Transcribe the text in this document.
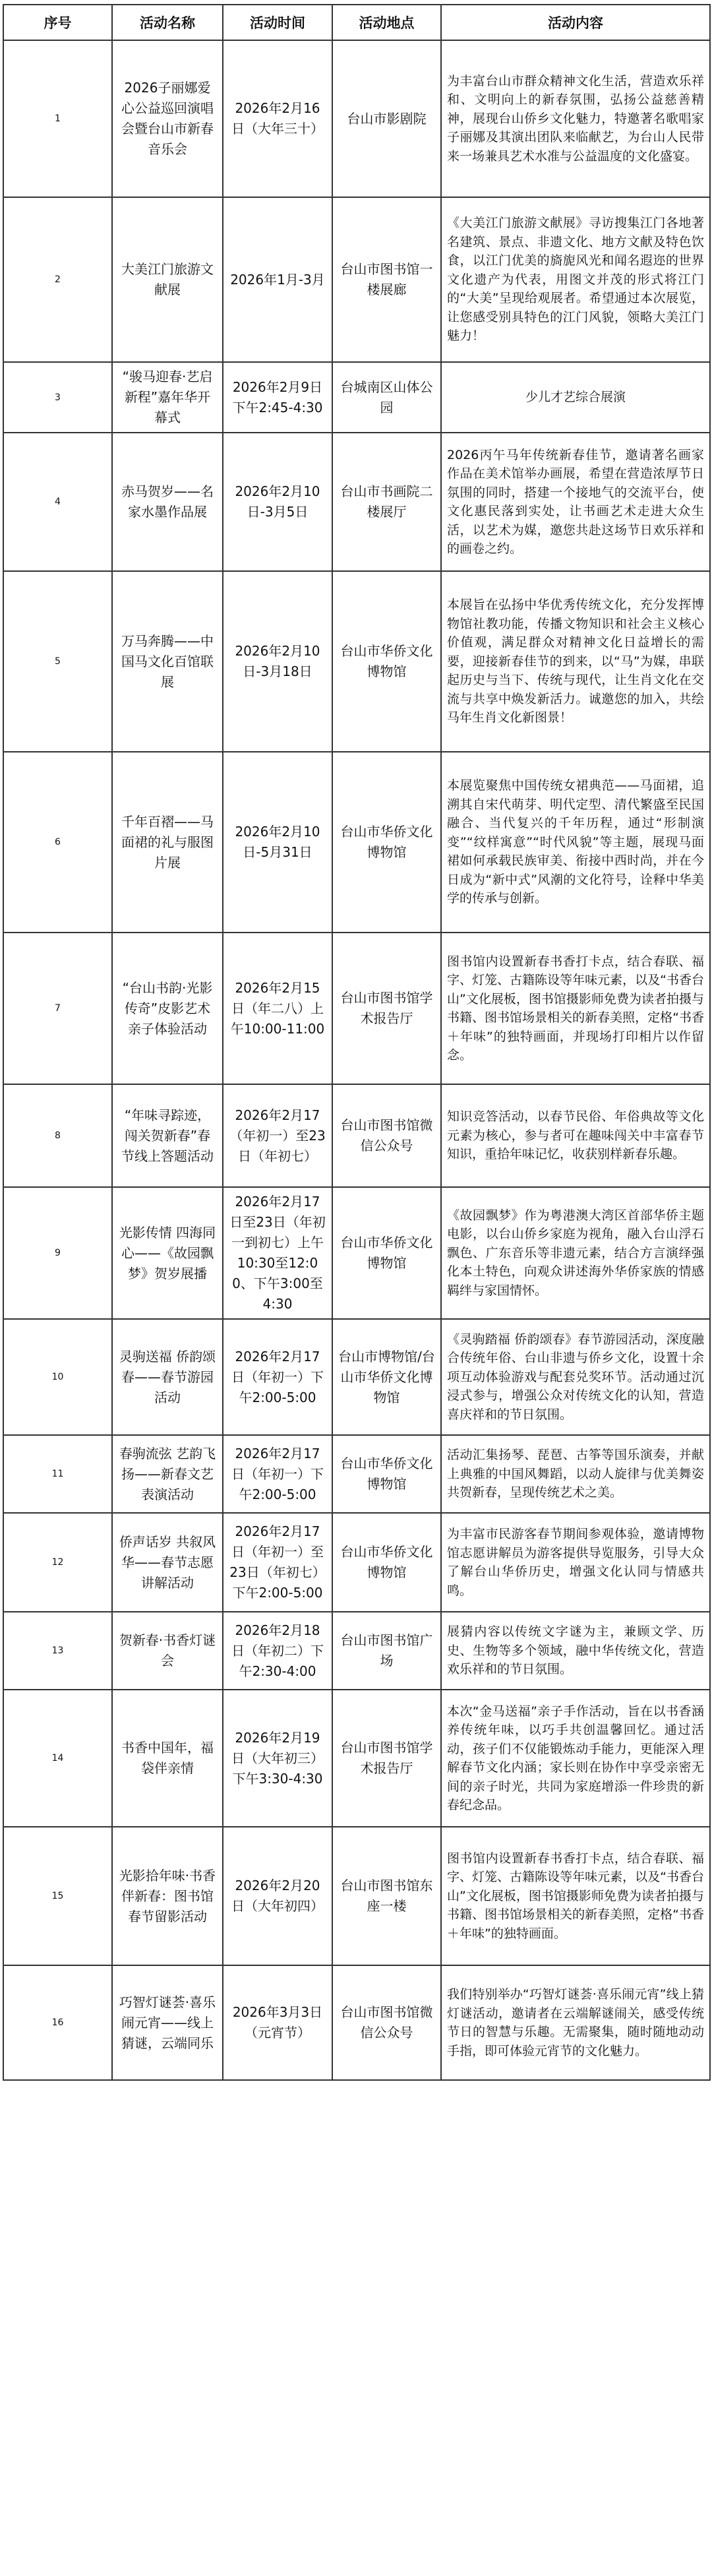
序号	活动名称	活动时间	活动地点	活动内容
1	2026子丽娜爱心公益巡回演唱会暨台山市新春音乐会	2026年2月16日（大年三十）	台山市影剧院	为丰富台山市群众精神文化生活，营造欢乐祥和、文明向上的新春氛围，弘扬公益慈善精神，展现台山侨乡文化魅力，特邀著名歌唱家子丽娜及其演出团队来临献艺，为台山人民带来一场兼具艺术水准与公益温度的文化盛宴。
2	大美江门旅游文献展	2026年1月-3月	台山市图书馆一楼展廊	《大美江门旅游文献展》寻访搜集江门各地著名建筑、景点、非遗文化、地方文献及特色饮食，以江门优美的旖旎风光和闻名遐迩的世界文化遗产为代表，用图文并茂的形式将江门的“大美”呈现给观展者。希望通过本次展览，让您感受别具特色的江门风貌，领略大美江门魅力！
3	“骏马迎春·艺启新程”嘉年华开幕式	2026年2月9日下午2:45-4:30	台城南区山体公园	少儿才艺综合展演
4	赤马贺岁——名家水墨作品展	2026年2月10日-3月5日	台山市书画院二楼展厅	2026丙午马年传统新春佳节，邀请著名画家作品在美术馆举办画展，希望在营造浓厚节日氛围的同时，搭建一个接地气的交流平台，使文化惠民落到实处，让书画艺术走进大众生活，以艺术为媒，邀您共赴这场节日欢乐祥和的画卷之约。
5	万马奔腾——中国马文化百馆联展	2026年2月10日-3月18日	台山市华侨文化博物馆	本展旨在弘扬中华优秀传统文化，充分发挥博物馆社教功能，传播文物知识和社会主义核心价值观，满足群众对精神文化日益增长的需要，迎接新春佳节的到来，以“马”为媒，串联起历史与当下、传统与现代，让生肖文化在交流与共享中焕发新活力。诚邀您的加入，共绘马年生肖文化新图景！
6	千年百褶——马面裙的礼与服图片展	2026年2月10日-5月31日	台山市华侨文化博物馆	本展览聚焦中国传统女裙典范——马面裙，追溯其自宋代萌芽、明代定型、清代繁盛至民国融合、当代复兴的千年历程，通过“形制演变”“纹样寓意”“时代风貌”等主题，展现马面裙如何承载民族审美、衔接中西时尚，并在今日成为“新中式”风潮的文化符号，诠释中华美学的传承与创新。
7	“台山书韵·光影传奇”皮影艺术亲子体验活动	2026年2月15日（年二八）上午10:00-11:00	台山市图书馆学术报告厅	图书馆内设置新春书香打卡点，结合春联、福字、灯笼、古籍陈设等年味元素，以及“书香台山”文化展板，图书馆摄影师免费为读者拍摄与书籍、图书馆场景相关的新春美照，定格“书香＋年味”的独特画面，并现场打印相片以作留念。
8	“年味寻踪迹，闯关贺新春”春节线上答题活动	2026年2月17（年初一）至23日（年初七）	台山市图书馆微信公众号	知识竞答活动，以春节民俗、年俗典故等文化元素为核心，参与者可在趣味闯关中丰富春节知识，重拾年味记忆，收获别样新春乐趣。
9	光影传情 四海同心——《故园飘梦》贺岁展播	2026年2月17日至23日（年初一到初七）上午10:30至12:00、下午3:00至4:30	台山市华侨文化博物馆	《故园飘梦》作为粤港澳大湾区首部华侨主题电影，以台山侨乡家庭为视角，融入台山浮石飘色、广东音乐等非遗元素，结合方言演绎强化本土特色，向观众讲述海外华侨家族的情感羁绊与家国情怀。
10	灵驹送福 侨韵颂春——春节游园活动	2026年2月17日（年初一）下午2:00-5:00	台山市博物馆/台山市华侨文化博物馆	《灵驹踏福 侨韵颂春》春节游园活动，深度融合传统年俗、台山非遗与侨乡文化，设置十余项互动体验游戏与配套兑奖环节。活动通过沉浸式参与，增强公众对传统文化的认知，营造喜庆祥和的节日氛围。
11	春驹流弦 艺韵飞扬——新春文艺表演活动	2026年2月17日（年初一）下午2:00-5:00	台山市华侨文化博物馆	活动汇集扬琴、琵琶、古筝等国乐演奏，并献上典雅的中国风舞蹈，以动人旋律与优美舞姿共贺新春，呈现传统艺术之美。
12	侨声话岁 共叙风华——春节志愿讲解活动	2026年2月17日（年初一）至23日（年初七）下午2:00-5:00	台山市华侨文化博物馆	为丰富市民游客春节期间参观体验，邀请博物馆志愿讲解员为游客提供导览服务，引导大众了解台山华侨历史，增强文化认同与情感共鸣。
13	贺新春·书香灯谜会	2026年2月18日（年初二）下午2:30-4:00	台山市图书馆广场	展猜内容以传统文字谜为主，兼顾文学、历史、生物等多个领域，融中华传统文化，营造欢乐祥和的节日氛围。
14	书香中国年，福袋伴亲情	2026年2月19日（大年初三）下午3:30-4:30	台山市图书馆学术报告厅	本次“金马送福”亲子手作活动，旨在以书香涵养传统年味，以巧手共创温馨回忆。通过活动，孩子们不仅能锻炼动手能力，更能深入理解春节文化内涵；家长则在协作中享受亲密无间的亲子时光，共同为家庭增添一件珍贵的新春纪念品。
15	光影拾年味·书香伴新春：图书馆春节留影活动	2026年2月20日（大年初四）	台山市图书馆东座一楼	图书馆内设置新春书香打卡点，结合春联、福字、灯笼、古籍陈设等年味元素，以及“书香台山”文化展板，图书馆摄影师免费为读者拍摄与书籍、图书馆场景相关的新春美照，定格“书香＋年味”的独特画面。
16	巧智灯谜荟·喜乐闹元宵——线上猜谜，云端同乐	2026年3月3日（元宵节）	台山市图书馆微信公众号	我们特别举办“巧智灯谜荟·喜乐闹元宵”线上猜灯谜活动，邀请者在云端解谜闹关，感受传统节日的智慧与乐趣。无需聚集，随时随地动动手指，即可体验元宵节的文化魅力。
